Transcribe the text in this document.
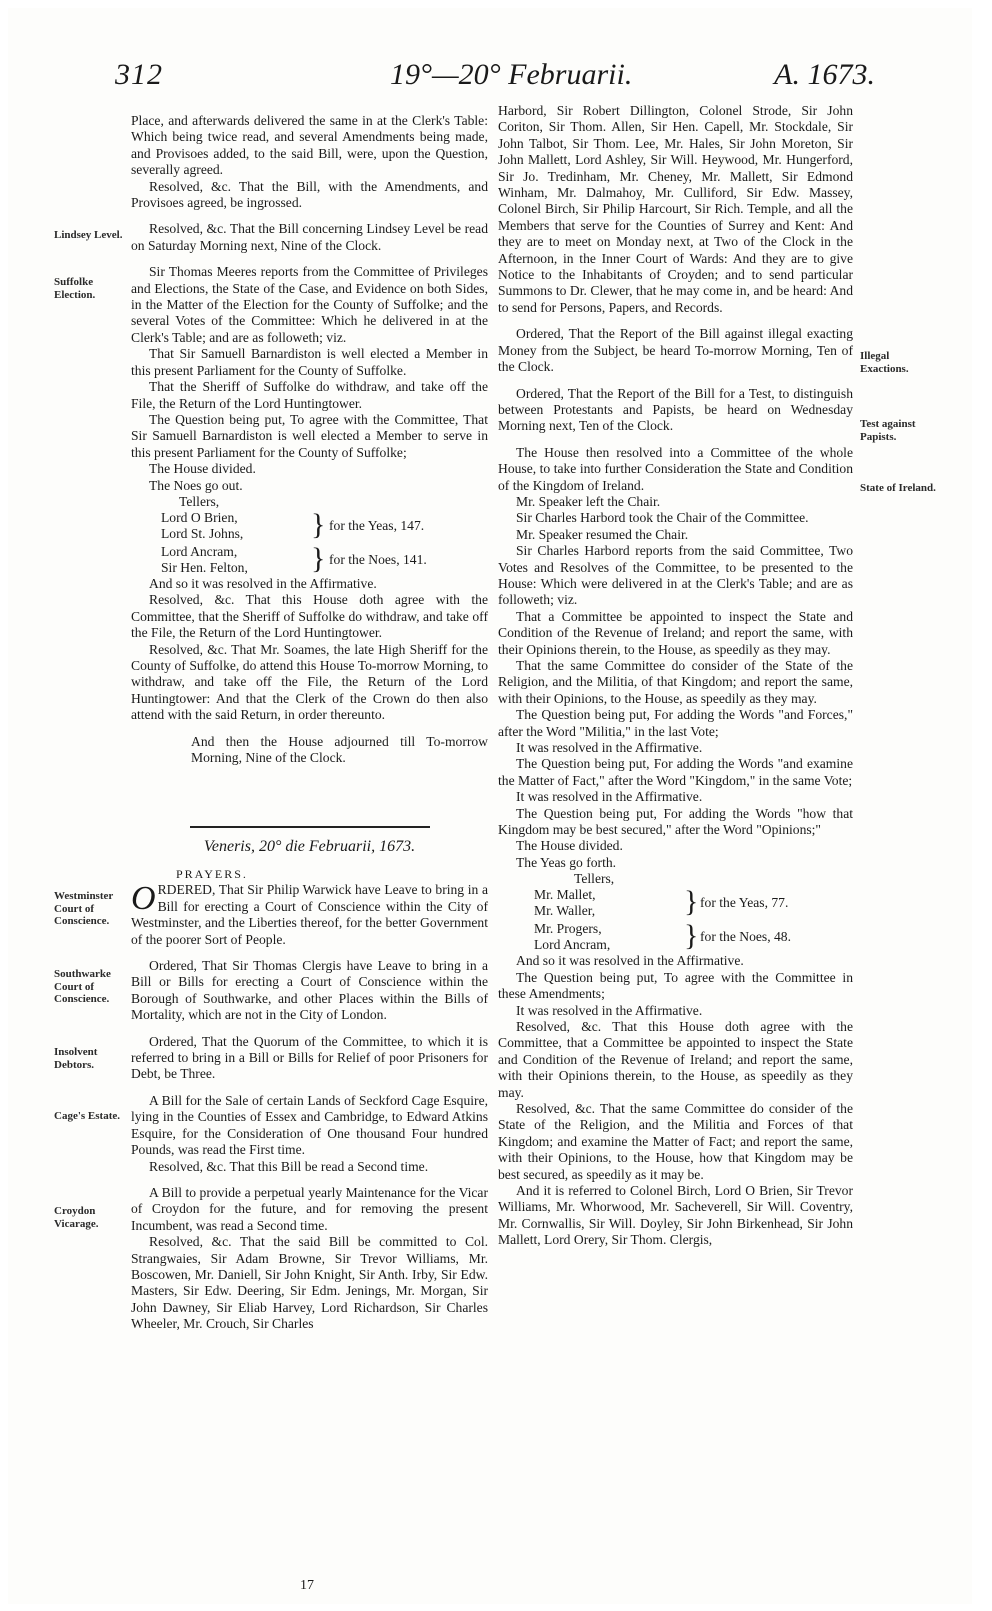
312	19°—20° Februarii.	A. 1673.
Lindsey Level.
Suffolke Election.
Westminster Court of Conscience.
Southwarke Court of Conscience.
Insolvent Debtors.
Cage's Estate.
Croydon Vicarage.
Illegal Exactions.
Test against Papists.
State of Ireland.

Place, and afterwards delivered the same in at the Clerk's Table: Which being twice read, and several Amendments being made, and Provisoes added, to the said Bill, were, upon the Question, severally agreed.

Resolved, &c. That the Bill, with the Amendments, and Provisoes agreed, be ingrossed.

Resolved, &c. That the Bill concerning Lindsey Level be read on Saturday Morning next, Nine of the Clock.

Sir Thomas Meeres reports from the Committee of Privileges and Elections, the State of the Case, and Evidence on both Sides, in the Matter of the Election for the County of Suffolke; and the several Votes of the Committee: Which he delivered in at the Clerk's Table; and are as followeth; viz.

That Sir Samuell Barnardiston is well elected a Member in this present Parliament for the County of Suffolke.

That the Sheriff of Suffolke do withdraw, and take off the File, the Return of the Lord Huntingtower.

The Question being put, To agree with the Committee, That Sir Samuell Barnardiston is well elected a Member to serve in this present Parliament for the County of Suffolke;

The House divided.

The Noes go out.

Tellers,
Lord O Brien,
Lord St. Johns, } for the Yeas, 147.
Lord Ancram,
Sir Hen. Felton, } for the Noes, 141.

And so it was resolved in the Affirmative.

Resolved, &c. That this House doth agree with the Committee, that the Sheriff of Suffolke do withdraw, and take off the File, the Return of the Lord Huntingtower.

Resolved, &c. That Mr. Soames, the late High Sheriff for the County of Suffolke, do attend this House To-morrow Morning, to withdraw, and take off the File, the Return of the Lord Huntingtower: And that the Clerk of the Crown do then also attend with the said Return, in order thereunto.

And then the House adjourned till To-morrow Morning, Nine of the Clock.

Veneris, 20° die Februarii, 1673.

PRAYERS.

ORDERED, That Sir Philip Warwick have Leave to bring in a Bill for erecting a Court of Conscience within the City of Westminster, and the Liberties thereof, for the better Government of the poorer Sort of People.

Ordered, That Sir Thomas Clergis have Leave to bring in a Bill or Bills for erecting a Court of Conscience within the Borough of Southwarke, and other Places within the Bills of Mortality, which are not in the City of London.

Ordered, That the Quorum of the Committee, to which it is referred to bring in a Bill or Bills for Relief of poor Prisoners for Debt, be Three.

A Bill for the Sale of certain Lands of Seckford Cage Esquire, lying in the Counties of Essex and Cambridge, to Edward Atkins Esquire, for the Consideration of One thousand Four hundred Pounds, was read the First time.

Resolved, &c. That this Bill be read a Second time.

A Bill to provide a perpetual yearly Maintenance for the Vicar of Croydon for the future, and for removing the present Incumbent, was read a Second time.

Resolved, &c. That the said Bill be committed to Col. Strangwaies, Sir Adam Browne, Sir Trevor Williams, Mr. Boscowen, Mr. Daniell, Sir John Knight, Sir Anth. Irby, Sir Edw. Masters, Sir Edw. Deering, Sir Edm. Jenings, Mr. Morgan, Sir John Dawney, Sir Eliab Harvey, Lord Richardson, Sir Charles Wheeler, Mr. Crouch, Sir Charles

Harbord, Sir Robert Dillington, Colonel Strode, Sir John Coriton, Sir Thom. Allen, Sir Hen. Capell, Mr. Stockdale, Sir John Talbot, Sir Thom. Lee, Mr. Hales, Sir John Moreton, Sir John Mallett, Lord Ashley, Sir Will. Heywood, Mr. Hungerford, Sir Jo. Tredinham, Mr. Cheney, Mr. Mallett, Sir Edmond Winham, Mr. Dalmahoy, Mr. Culliford, Sir Edw. Massey, Colonel Birch, Sir Philip Harcourt, Sir Rich. Temple, and all the Members that serve for the Counties of Surrey and Kent: And they are to meet on Monday next, at Two of the Clock in the Afternoon, in the Inner Court of Wards: And they are to give Notice to the Inhabitants of Croyden; and to send particular Summons to Dr. Clewer, that he may come in, and be heard: And to send for Persons, Papers, and Records.

Ordered, That the Report of the Bill against illegal exacting Money from the Subject, be heard To-morrow Morning, Ten of the Clock.

Ordered, That the Report of the Bill for a Test, to distinguish between Protestants and Papists, be heard on Wednesday Morning next, Ten of the Clock.

The House then resolved into a Committee of the whole House, to take into further Consideration the State and Condition of the Kingdom of Ireland.

Mr. Speaker left the Chair.

Sir Charles Harbord took the Chair of the Committee.

Mr. Speaker resumed the Chair.

Sir Charles Harbord reports from the said Committee, Two Votes and Resolves of the Committee, to be presented to the House: Which were delivered in at the Clerk's Table; and are as followeth; viz.

That a Committee be appointed to inspect the State and Condition of the Revenue of Ireland; and report the same, with their Opinions therein, to the House, as speedily as they may.

That the same Committee do consider of the State of the Religion, and the Militia, of that Kingdom; and report the same, with their Opinions, to the House, as speedily as they may.

The Question being put, For adding the Words "and Forces," after the Word "Militia," in the last Vote;

It was resolved in the Affirmative.

The Question being put, For adding the Words "and examine the Matter of Fact," after the Word "Kingdom," in the same Vote;

It was resolved in the Affirmative.

The Question being put, For adding the Words "how that Kingdom may be best secured," after the Word "Opinions;"

The House divided.

The Yeas go forth.

Tellers,
Mr. Mallet,
Mr. Waller,	} for the Yeas, 77.
Mr. Progers,
Lord Ancram, } for the Noes, 48.

And so it was resolved in the Affirmative.

The Question being put, To agree with the Committee in these Amendments;

It was resolved in the Affirmative.

Resolved, &c. That this House doth agree with the Committee, that a Committee be appointed to inspect the State and Condition of the Revenue of Ireland; and report the same, with their Opinions therein, to the House, as speedily as they may.

Resolved, &c. That the same Committee do consider of the State of the Religion, and the Militia and Forces of that Kingdom; and examine the Matter of Fact; and report the same, with their Opinions, to the House, how that Kingdom may be best secured, as speedily as it may be.

And it is referred to Colonel Birch, Lord O Brien, Sir Trevor Williams, Mr. Whorwood, Mr. Sacheverell, Sir Will. Coventry, Mr. Cornwallis, Sir Will. Doyley, Sir John Birkenhead, Sir John Mallett, Lord Orery, Sir Thom. Clergis,

17
